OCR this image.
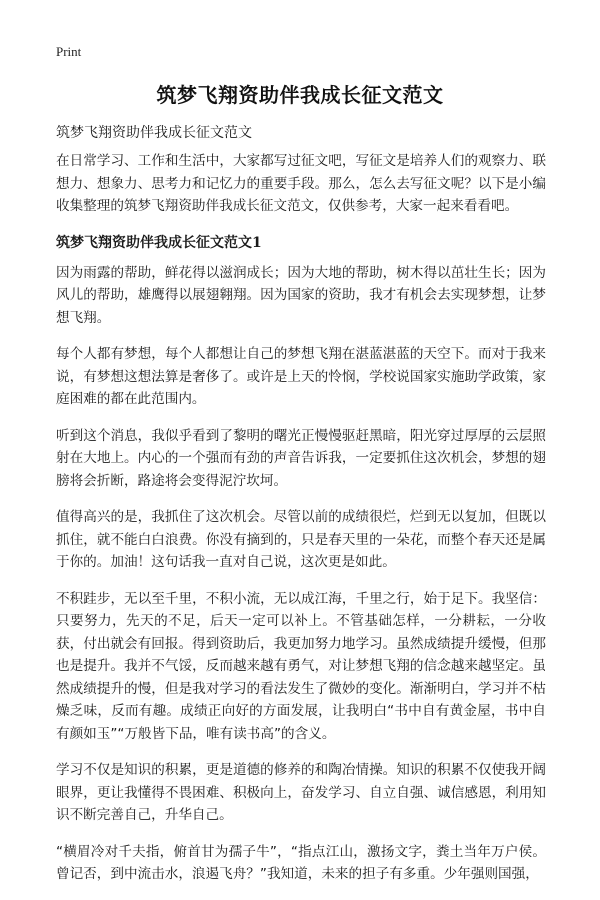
Print
筑梦飞翔资助伴我成长征文范文
筑梦飞翔资助伴我成长征文范文

在日常学习、工作和生活中，大家都写过征文吧，写征文是培养人们的观察力、联想力、想象力、思考力和记忆力的重要手段。那么，怎么去写征文呢？以下是小编收集整理的筑梦飞翔资助伴我成长征文范文，仅供参考，大家一起来看看吧。

筑梦飞翔资助伴我成长征文范文1

因为雨露的帮助，鲜花得以滋润成长；因为大地的帮助，树木得以茁壮生长；因为风儿的帮助，雄鹰得以展翅翱翔。因为国家的资助，我才有机会去实现梦想，让梦想飞翔。

每个人都有梦想，每个人都想让自己的梦想飞翔在湛蓝湛蓝的天空下。而对于我来说，有梦想这想法算是奢侈了。或许是上天的怜悯，学校说国家实施助学政策，家庭困难的都在此范围内。

听到这个消息，我似乎看到了黎明的曙光正慢慢驱赶黑暗，阳光穿过厚厚的云层照射在大地上。内心的一个强而有劲的声音告诉我，一定要抓住这次机会，梦想的翅膀将会折断，路途将会变得泥泞坎坷。

值得高兴的是，我抓住了这次机会。尽管以前的成绩很烂，烂到无以复加，但既以抓住，就不能白白浪费。你没有摘到的，只是春天里的一朵花，而整个春天还是属于你的。加油！这句话我一直对自己说，这次更是如此。

不积跬步，无以至千里，不积小流，无以成江海，千里之行，始于足下。我坚信：只要努力，先天的不足，后天一定可以补上。不管基础怎样，一分耕耘，一分收获，付出就会有回报。得到资助后，我更加努力地学习。虽然成绩提升缓慢，但那也是提升。我并不气馁，反而越来越有勇气，对让梦想飞翔的信念越来越坚定。虽然成绩提升的慢，但是我对学习的看法发生了微妙的变化。渐渐明白，学习并不枯燥乏味，反而有趣。成绩正向好的方面发展，让我明白“书中自有黄金屋，书中自有颜如玉”“万般皆下品，唯有读书高”的含义。

学习不仅是知识的积累，更是道德的修养的和陶冶情操。知识的积累不仅使我开阔眼界，更让我懂得不畏困难、积极向上，奋发学习、自立自强、诚信感恩，利用知识不断完善自己，升华自己。

“横眉冷对千夫指，俯首甘为孺子牛”，“指点江山，激扬文字，粪土当年万户侯。曾记否，到中流击水，浪遏飞舟？”我知道，未来的担子有多重。少年强则国强，
